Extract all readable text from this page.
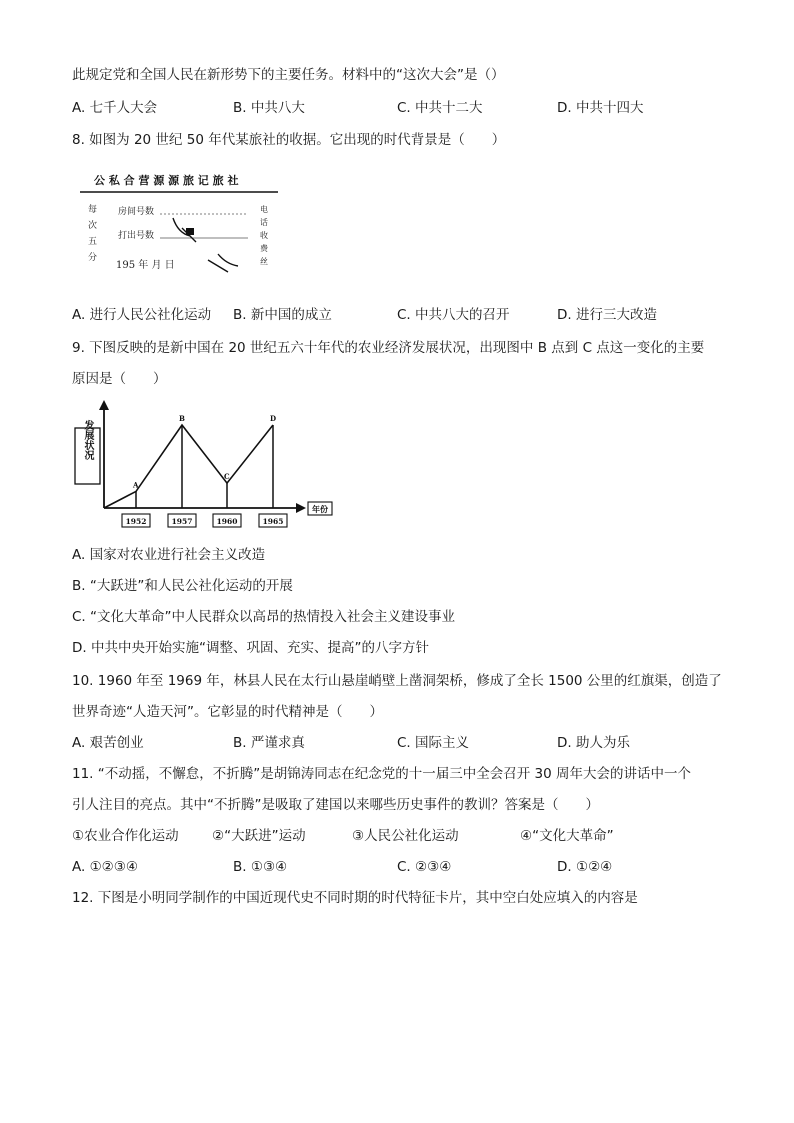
此规定党和全国人民在新形势下的主要任务。材料中的“这次大会”是（）
A. 七千人大会	B. 中共八大	C. 中共十二大	D. 中共十四大
8. 如图为 20 世纪 50 年代某旅社的收据。它出现的时代背景是（　　）
公 私 合 营 源 源 旅 记 旅 社
每
次
五
分
房间号数
打出号数
195 年 月 日
电
话
收
费
丝
A. 进行人民公社化运动 B. 新中国的成立	C. 中共八大的召开	D. 进行三大改造
9. 下图反映的是新中国在 20 世纪五六十年代的农业经济发展状况，出现图中 B 点到 C 点这一变化的主要
原因是（　　）
发展状况
年份
A
1952
B
1957
C
1960
D
1965
A. 国家对农业进行社会主义改造
B. “大跃进”和人民公社化运动的开展
C. “文化大革命”中人民群众以高昂的热情投入社会主义建设事业
D. 中共中央开始实施“调整、巩固、充实、提高”的八字方针
10. 1960 年至 1969 年，林县人民在太行山悬崖峭壁上凿洞架桥，修成了全长 1500 公里的红旗渠，创造了
世界奇迹“人造天河”。它彰显的时代精神是（　　）
A. 艰苦创业	B. 严谨求真	C. 国际主义	D. 助人为乐
11. “不动摇，不懈怠，不折腾”是胡锦涛同志在纪念党的十一届三中全会召开 30 周年大会的讲话中一个
引人注目的亮点。其中“不折腾”是吸取了建国以来哪些历史事件的教训？答案是（　　）
①农业合作化运动 ②“大跃进”运动	③人民公社化运动	④“文化大革命”
A. ①②③④	B. ①③④	C. ②③④	D. ①②④
12. 下图是小明同学制作的中国近现代史不同时期的时代特征卡片，其中空白处应填入的内容是
